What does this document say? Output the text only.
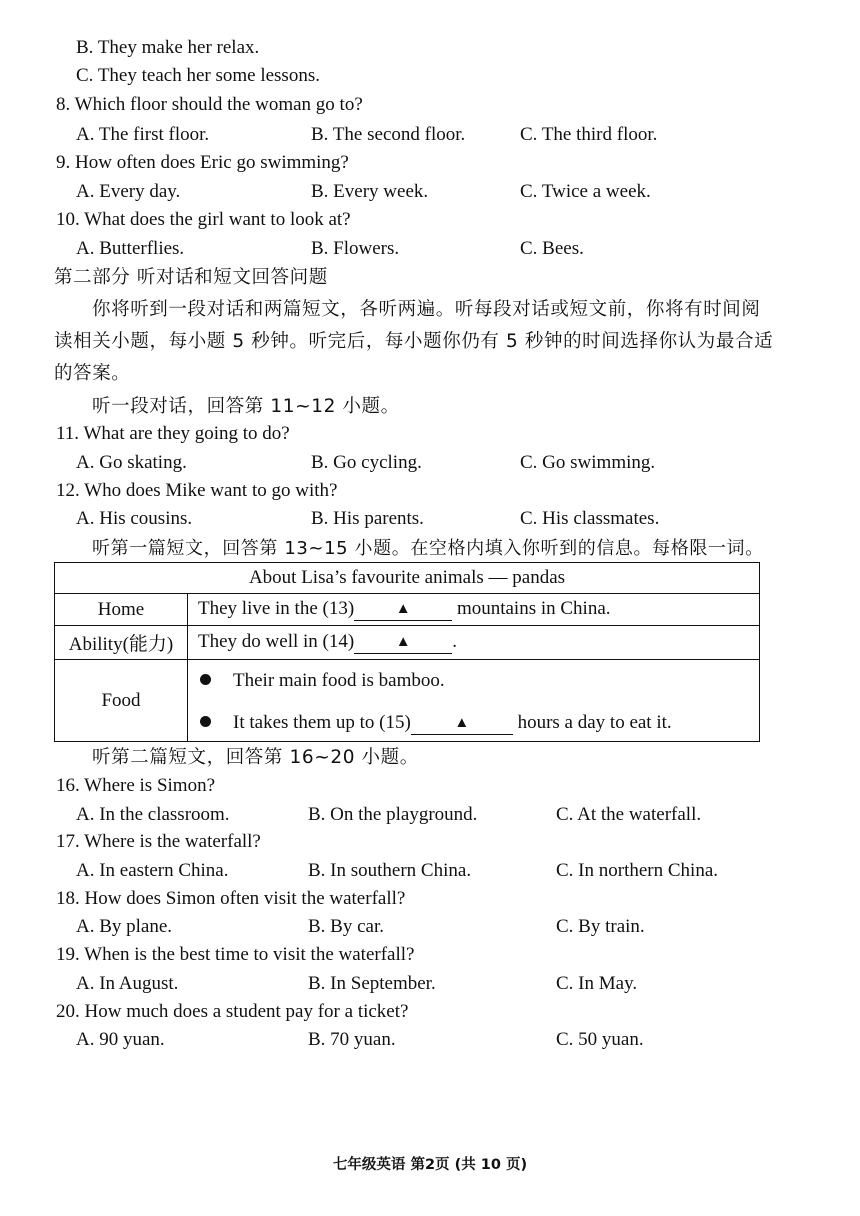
B. They make her relax.
C. They teach her some lessons.
8. Which floor should the woman go to?
A. The first floor.	B. The second floor.	C. The third floor.
9. How often does Eric go swimming?
A. Every day.	B. Every week.	C. Twice a week.
10. What does the girl want to look at?
A. Butterflies.	B. Flowers.	C. Bees.
第二部分 听对话和短文回答问题
你将听到一段对话和两篇短文，各听两遍。听每段对话或短文前，你将有时间阅
读相关小题，每小题 5 秒钟。听完后，每小题你仍有 5 秒钟的时间选择你认为最合适
的答案。
听一段对话，回答第 11~12 小题。
11. What are they going to do?
A. Go skating.	B. Go cycling.	C. Go swimming.
12. Who does Mike want to go with?
A. His cousins.	B. His parents.	C. His classmates.
听第一篇短文，回答第 13~15 小题。在空格内填入你听到的信息。每格限一词。
About Lisa’s favourite animals — pandas	
Home	They live in the (13) ▲ mountains in China.
Ability(能力)	They do well in (14) ▲ .
Food	Their main food is bamboo.
It takes them up to (15) ▲ hours a day to eat it.
听第二篇短文，回答第 16~20 小题。
16. Where is Simon?
A. In the classroom.	B. On the playground.	C. At the waterfall.
17. Where is the waterfall?
A. In eastern China.	B. In southern China.	C. In northern China.
18. How does Simon often visit the waterfall?
A. By plane.	B. By car.	C. By train.
19. When is the best time to visit the waterfall?
A. In August.	B. In September.	C. In May.
20. How much does a student pay for a ticket?
A. 90 yuan.	B. 70 yuan.	C. 50 yuan.
七年级英语 第2页 (共 10 页)
